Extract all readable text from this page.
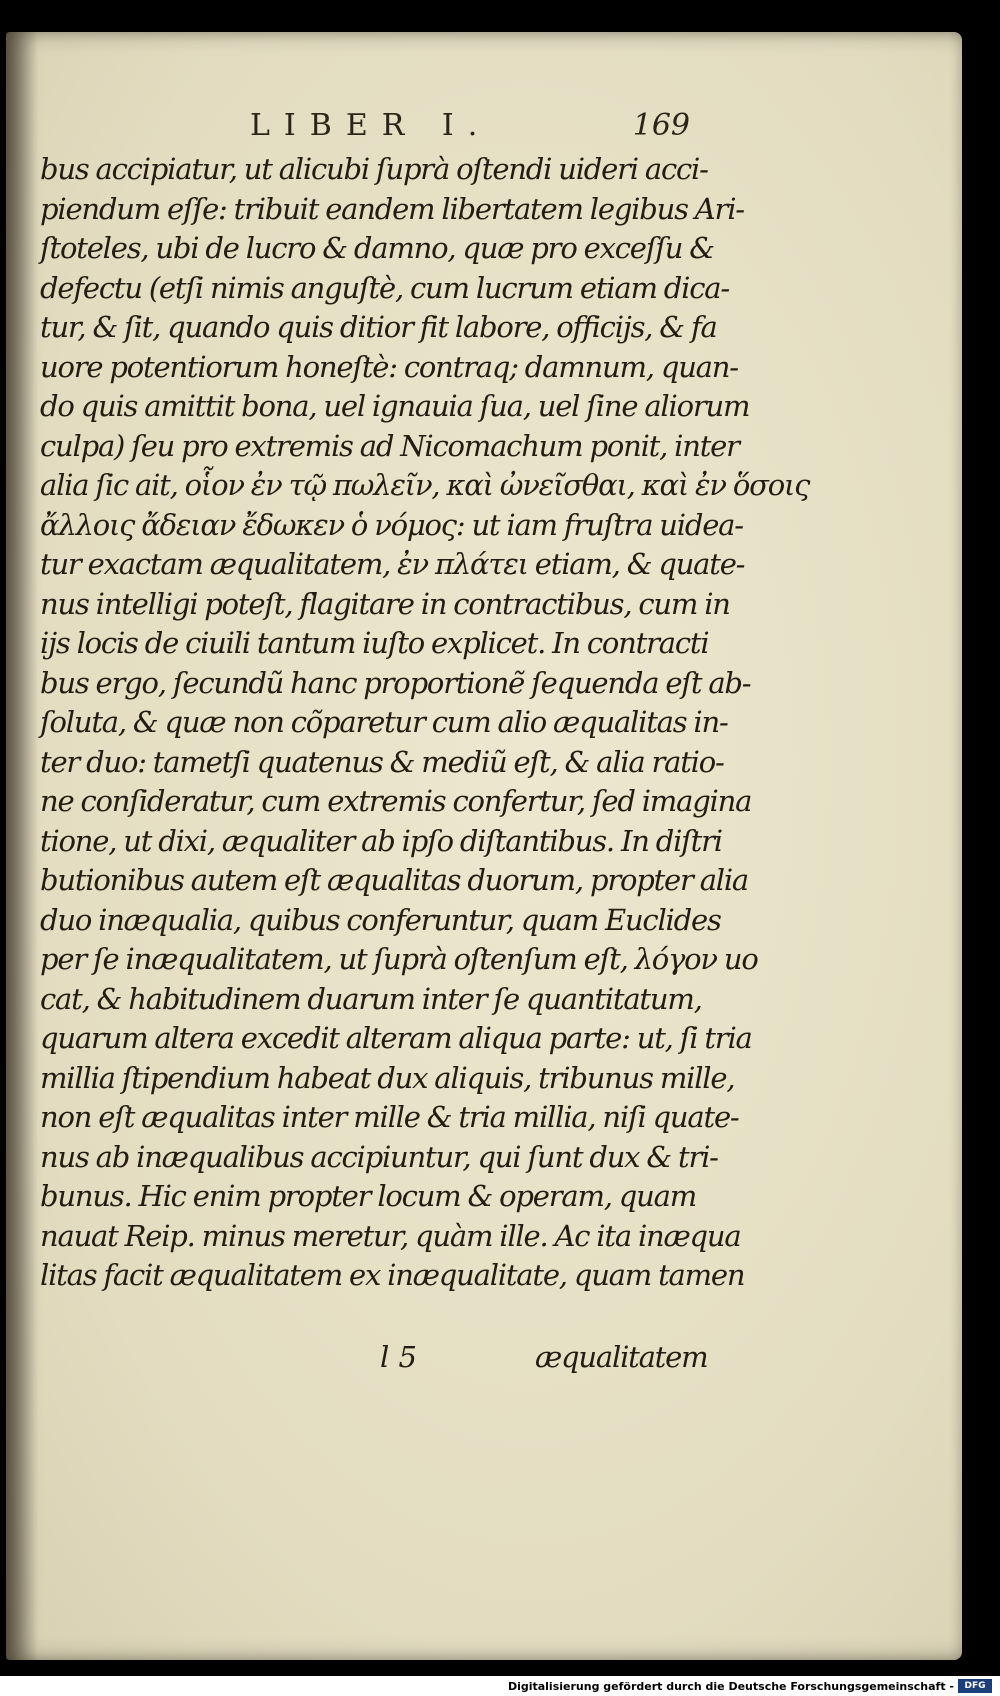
LIBER I.	169
bus accipiatur, ut alicubi ſuprà oſtendi uideri acci-
piendum eſſe: tribuit eandem libertatem legibus Ari-
ſtoteles, ubi de lucro & damno, quæ pro exceſſu &
defectu (etſi nimis anguſtè, cum lucrum etiam dica-
tur, & ſit, quando quis ditior fit labore, officijs, & fa
uore potentiorum honeſtè: contraq; damnum, quan-
do quis amittit bona, uel ignauia ſua, uel ſine aliorum
culpa) ſeu pro extremis ad Nicomachum ponit, inter
alia ſic ait, οἷον ἐν τῷ πωλεῖν, καὶ ὠνεῖσθαι, καὶ ἐν ὅσοις
ἄλλοις ἄδειαν ἔδωκεν ὁ νόμος: ut iam fruſtra uidea-
tur exactam æqualitatem, ἐν πλάτει etiam, & quate-
nus intelligi poteſt, flagitare in contractibus, cum in
ijs locis de ciuili tantum iuſto explicet. In contracti
bus ergo, ſecundũ hanc proportionẽ ſequenda eſt ab-
ſoluta, & quæ non cõparetur cum alio æqualitas in-
ter duo: tametſi quatenus & mediũ eſt, & alia ratio-
ne conſideratur, cum extremis confertur, ſed imagina
tione, ut dixi, æqualiter ab ipſo diſtantibus. In diſtri
butionibus autem eſt æqualitas duorum, propter alia
duo inæqualia, quibus conferuntur, quam Euclides
per ſe inæqualitatem, ut ſuprà oſtenſum eſt, λόγον uo
cat, & habitudinem duarum inter ſe quantitatum,
quarum altera excedit alteram aliqua parte: ut, ſi tria
millia ſtipendium habeat dux aliquis, tribunus mille,
non eſt æqualitas inter mille & tria millia, niſi quate-
nus ab inæqualibus accipiuntur, qui ſunt dux & tri-
bunus. Hic enim propter locum & operam, quam
nauat Reip. minus meretur, quàm ille. Ac ita inæqua
litas facit æqualitatem ex inæqualitate, quam tamen
l 5	æqualitatem
Digitalisierung gefördert durch die Deutsche Forschungsgemeinschaft -	DFG
